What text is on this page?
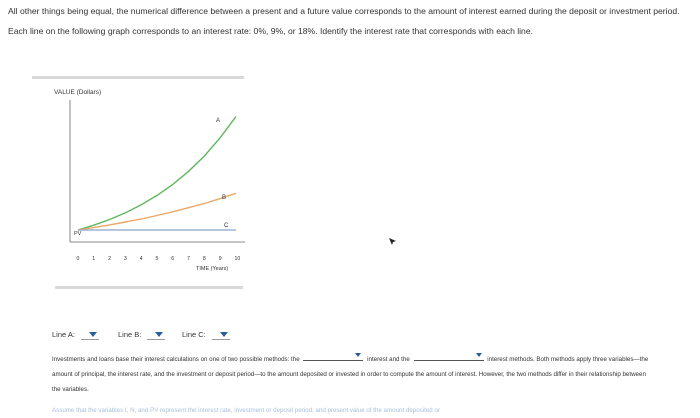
All other things being equal, the numerical difference between a present and a future value corresponds to the amount of interest earned during the deposit or investment period. Each line on the following graph corresponds to an interest rate: 0%, 9%, or 18%. Identify the interest rate that corresponds with each line.
VALUE (Dollars)
PV
0 1 2 3 4 5 6 7 8 9 10
A
B
C
TIME (Years)
Line A:	Line B:	Line C:
Investments and loans base their interest calculations on one of two possible methods: the	interest and the	interest methods. Both methods apply three variables—the amount of principal, the interest rate, and the investment or deposit period—to the amount deposited or invested in order to compute the amount of interest. However, the two methods differ in their relationship between the variables.
Assume that the variables I, N, and PV represent the interest rate, investment or deposit period, and present value of the amount deposited or
